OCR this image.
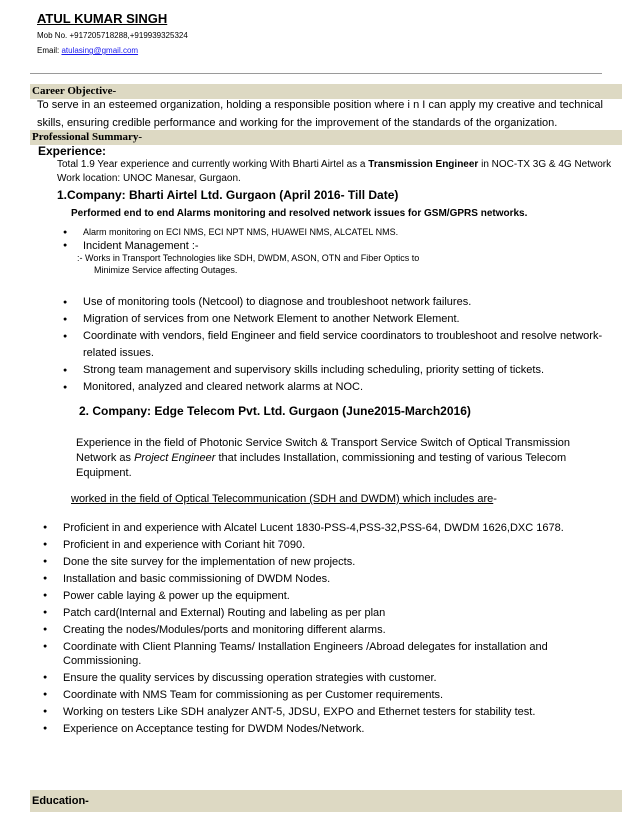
ATUL KUMAR SINGH
Mob No. +917205718288,+919939325324
Email: atulasing@gmail.com
Career Objective-
To serve in an esteemed organization, holding a responsible position where i n I can apply my creative and technical
skills, ensuring credible performance and working for the improvement of the standards of the organization.
Professional Summary-
Experience:
Total 1.9 Year experience and currently working With Bharti Airtel as a Transmission Engineer in NOC-TX 3G & 4G Network
Work location: UNOC Manesar, Gurgaon.
1.Company: Bharti Airtel Ltd. Gurgaon (April 2016- Till Date)
Performed end to end Alarms monitoring and resolved network issues for GSM/GPRS networks.
● Alarm monitoring on ECI NMS, ECI NPT NMS, HUAWEI NMS, ALCATEL NMS.
● Incident Management :-
:- Works in Transport Technologies like SDH, DWDM, ASON, OTN and Fiber Optics to
Minimize Service affecting Outages.
● Use of monitoring tools (Netcool) to diagnose and troubleshoot network failures.
● Migration of services from one Network Element to another Network Element.
● Coordinate with vendors, field Engineer and field service coordinators to troubleshoot and resolve network-related issues.
● Strong team management and supervisory skills including scheduling, priority setting of tickets.
● Monitored, analyzed and cleared network alarms at NOC.
2. Company: Edge Telecom Pvt. Ltd. Gurgaon (June2015-March2016)
Experience in the field of Photonic Service Switch & Transport Service Switch of Optical Transmission Network as Project Engineer that includes Installation, commissioning and testing of various Telecom Equipment.
worked in the field of Optical Telecommunication (SDH and DWDM) which includes are-
● Proficient in and experience with Alcatel Lucent 1830-PSS-4,PSS-32,PSS-64, DWDM 1626,DXC 1678.
● Proficient in and experience with Coriant hit 7090.
● Done the site survey for the implementation of new projects.
● Installation and basic commissioning of DWDM Nodes.
● Power cable laying & power up the equipment.
● Patch card(Internal and External) Routing and labeling as per plan
● Creating the nodes/Modules/ports and monitoring different alarms.
● Coordinate with Client Planning Teams/ Installation Engineers /Abroad delegates for installation and Commissioning.
● Ensure the quality services by discussing operation strategies with customer.
● Coordinate with NMS Team for commissioning as per Customer requirements.
● Working on testers Like SDH analyzer ANT-5, JDSU, EXPO and Ethernet testers for stability test.
● Experience on Acceptance testing for DWDM Nodes/Network.
Education-
